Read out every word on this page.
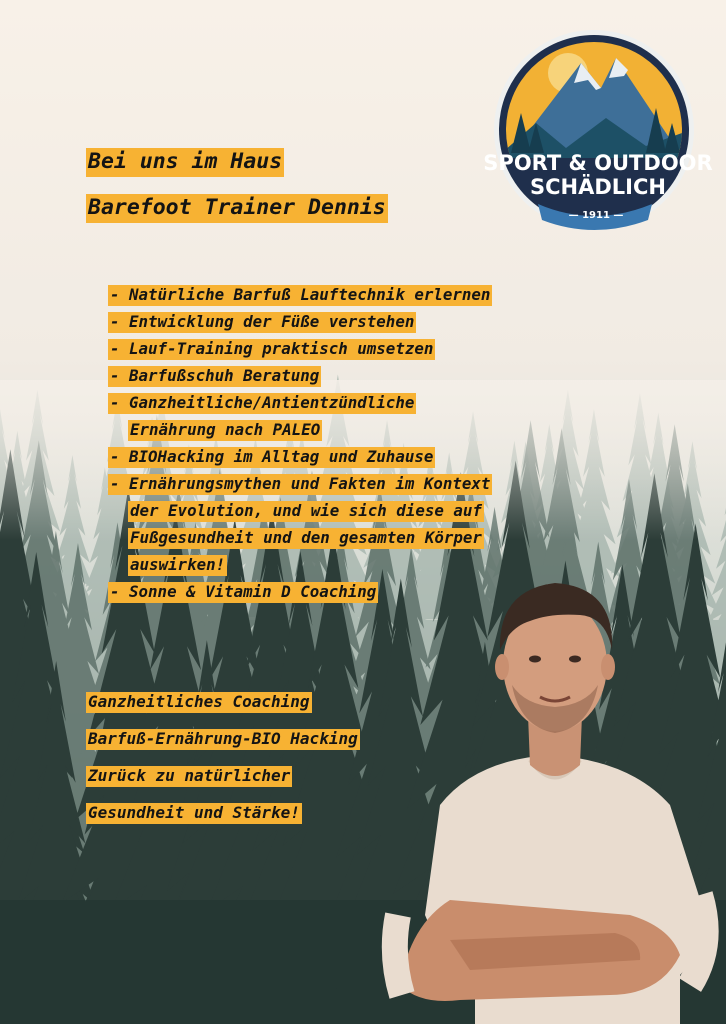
SPORT & OUTDOOR
SCHÄDLICH
— 1911 —
Bei uns im Haus
Barefoot Trainer Dennis
- Natürliche Barfuß Lauftechnik erlernen
- Entwicklung der Füße verstehen
- Lauf-Training praktisch umsetzen
- Barfußschuh Beratung
- Ganzheitliche/Antientzündliche
Ernährung nach PALEO
- BIOHacking im Alltag und Zuhause
- Ernährungsmythen und Fakten im Kontext
der Evolution, und wie sich diese auf
Fußgesundheit und den gesamten Körper
auswirken!
- Sonne & Vitamin D Coaching
Ganzheitliches Coaching
Barfuß-Ernährung-BIO Hacking
Zurück zu natürlicher
Gesundheit und Stärke!
